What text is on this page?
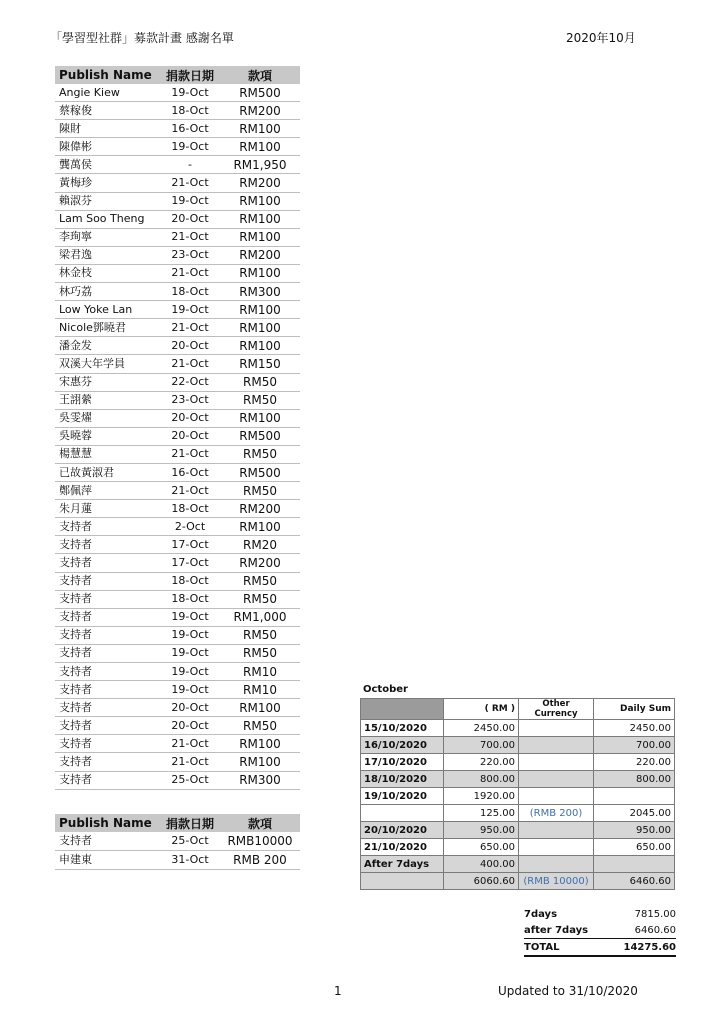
「學習型社群」募款計畫 感謝名單	2020年10月
Publish Name	捐款日期	款項
Angie Kiew	19-Oct	RM500
蔡稼俊	18-Oct	RM200
陳財	16-Oct	RM100
陳偉彬	19-Oct	RM100
龔萬侯	-	RM1,950
黃梅珍	21-Oct	RM200
賴淑芬	19-Oct	RM100
Lam Soo Theng	20-Oct	RM100
李珣寧	21-Oct	RM100
梁君逸	23-Oct	RM200
林金枝	21-Oct	RM100
林巧荔	18-Oct	RM300
Low Yoke Lan	19-Oct	RM100
Nicole鄧曉君	21-Oct	RM100
潘金发	20-Oct	RM100
双溪大年学員	21-Oct	RM150
宋惠芬	22-Oct	RM50
王詡縈	23-Oct	RM50
吳雯燿	20-Oct	RM100
吳曉蓉	20-Oct	RM500
楊慧慧	21-Oct	RM50
已故黃淑君	16-Oct	RM500
鄭佩萍	21-Oct	RM50
朱月蓮	18-Oct	RM200
支持者	2-Oct	RM100
支持者	17-Oct	RM20
支持者	17-Oct	RM200
支持者	18-Oct	RM50
支持者	18-Oct	RM50
支持者	19-Oct	RM1,000
支持者	19-Oct	RM50
支持者	19-Oct	RM50
支持者	19-Oct	RM10
支持者	19-Oct	RM10
支持者	20-Oct	RM100
支持者	20-Oct	RM50
支持者	21-Oct	RM100
支持者	21-Oct	RM100
支持者	25-Oct	RM300
Publish Name	捐款日期	款項
支持者	25-Oct	RMB10000
申建東	31-Oct	RMB 200
October
	( RM )	Other Currency	Daily Sum
15/10/2020	2450.00		2450.00
16/10/2020	700.00		700.00
17/10/2020	220.00		220.00
18/10/2020	800.00		800.00
19/10/2020	1920.00		
	125.00	(RMB 200)	2045.00
20/10/2020	950.00		950.00
21/10/2020	650.00		650.00
After 7days	400.00		
	6060.60	(RMB 10000)	6460.60
7days	7815.00
after 7days	6460.60
TOTAL	14275.60
1	Updated to 31/10/2020
